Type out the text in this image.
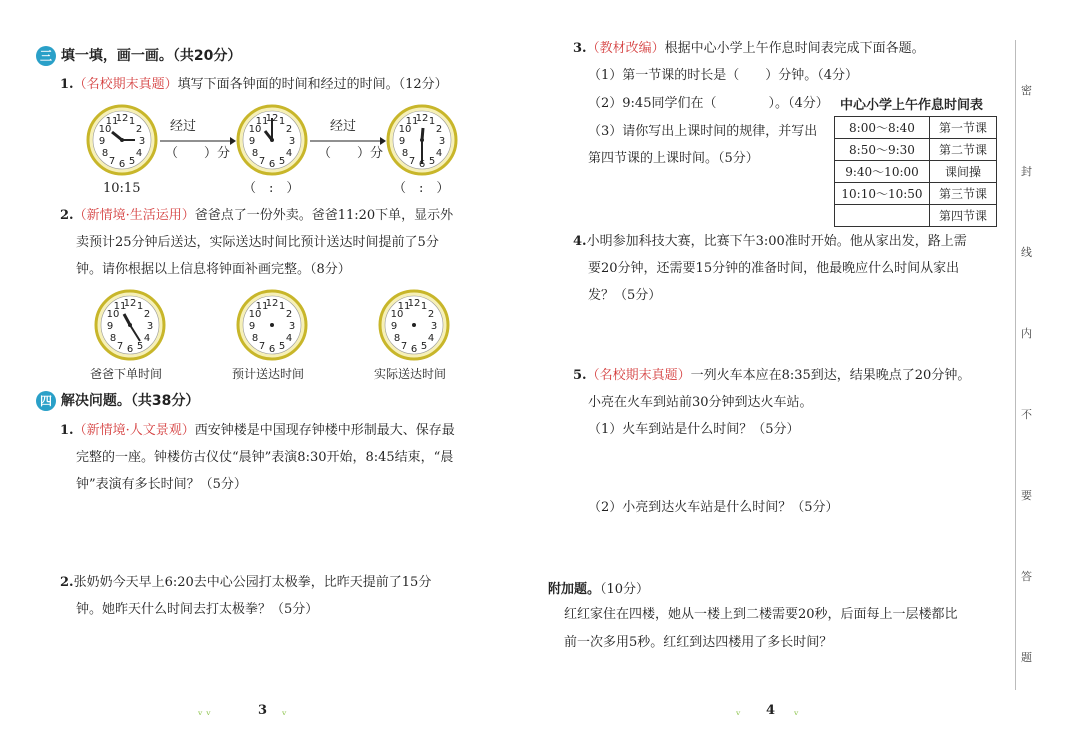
三 填一填，画一画。（共20分）
1.（名校期末真题）填写下面各钟面的时间和经过的时间。（12分）
经过
（　　）分
经过
（　　）分
10:15	（　:　）	（　:　）
2.（新情境·生活运用）爸爸点了一份外卖。爸爸11:20下单，显示外
卖预计25分钟后送达，实际送达时间比预计送达时间提前了5分
钟。请你根据以上信息将钟面补画完整。（8分）
爸爸下单时间	预计送达时间	实际送达时间
四 解决问题。（共38分）
1.（新情境·人文景观）西安钟楼是中国现存钟楼中形制最大、保存最
完整的一座。钟楼仿古仪仗“晨钟”表演8:30开始，8:45结束，“晨
钟”表演有多长时间？（5分）
2.张奶奶今天早上6:20去中心公园打太极拳，比昨天提前了15分
钟。她昨天什么时间去打太极拳？（5分）
ᵥ ᵥ	3 ᵥ
3.（教材改编）根据中心小学上午作息时间表完成下面各题。
（1）第一节课的时长是（　　）分钟。（4分）
（2）9:45同学们在（　　　　）。（4分）
（3）请你写出上课时间的规律，并写出
第四节课的上课时间。（5分）
中心小学上午作息时间表
8:00～8:40	第一节课
8:50～9:30	第二节课
9:40～10:00	课间操
10:10～10:50	第三节课
	第四节课
4.小明参加科技大赛，比赛下午3:00准时开始。他从家出发，路上需
要20分钟，还需要15分钟的准备时间，他最晚应什么时间从家出
发？（5分）
5.（名校期末真题）一列火车本应在8:35到达，结果晚点了20分钟。
小亮在火车到站前30分钟到达火车站。
（1）火车到站是什么时间？（5分）
（2）小亮到达火车站是什么时间？（5分）
附加题。（10分）
红红家住在四楼，她从一楼上到二楼需要20秒，后面每上一层楼都比
前一次多用5秒。红红到达四楼用了多长时间？
ᵥ 4 ᵥ
密
封
线
内
不
要
答
题
